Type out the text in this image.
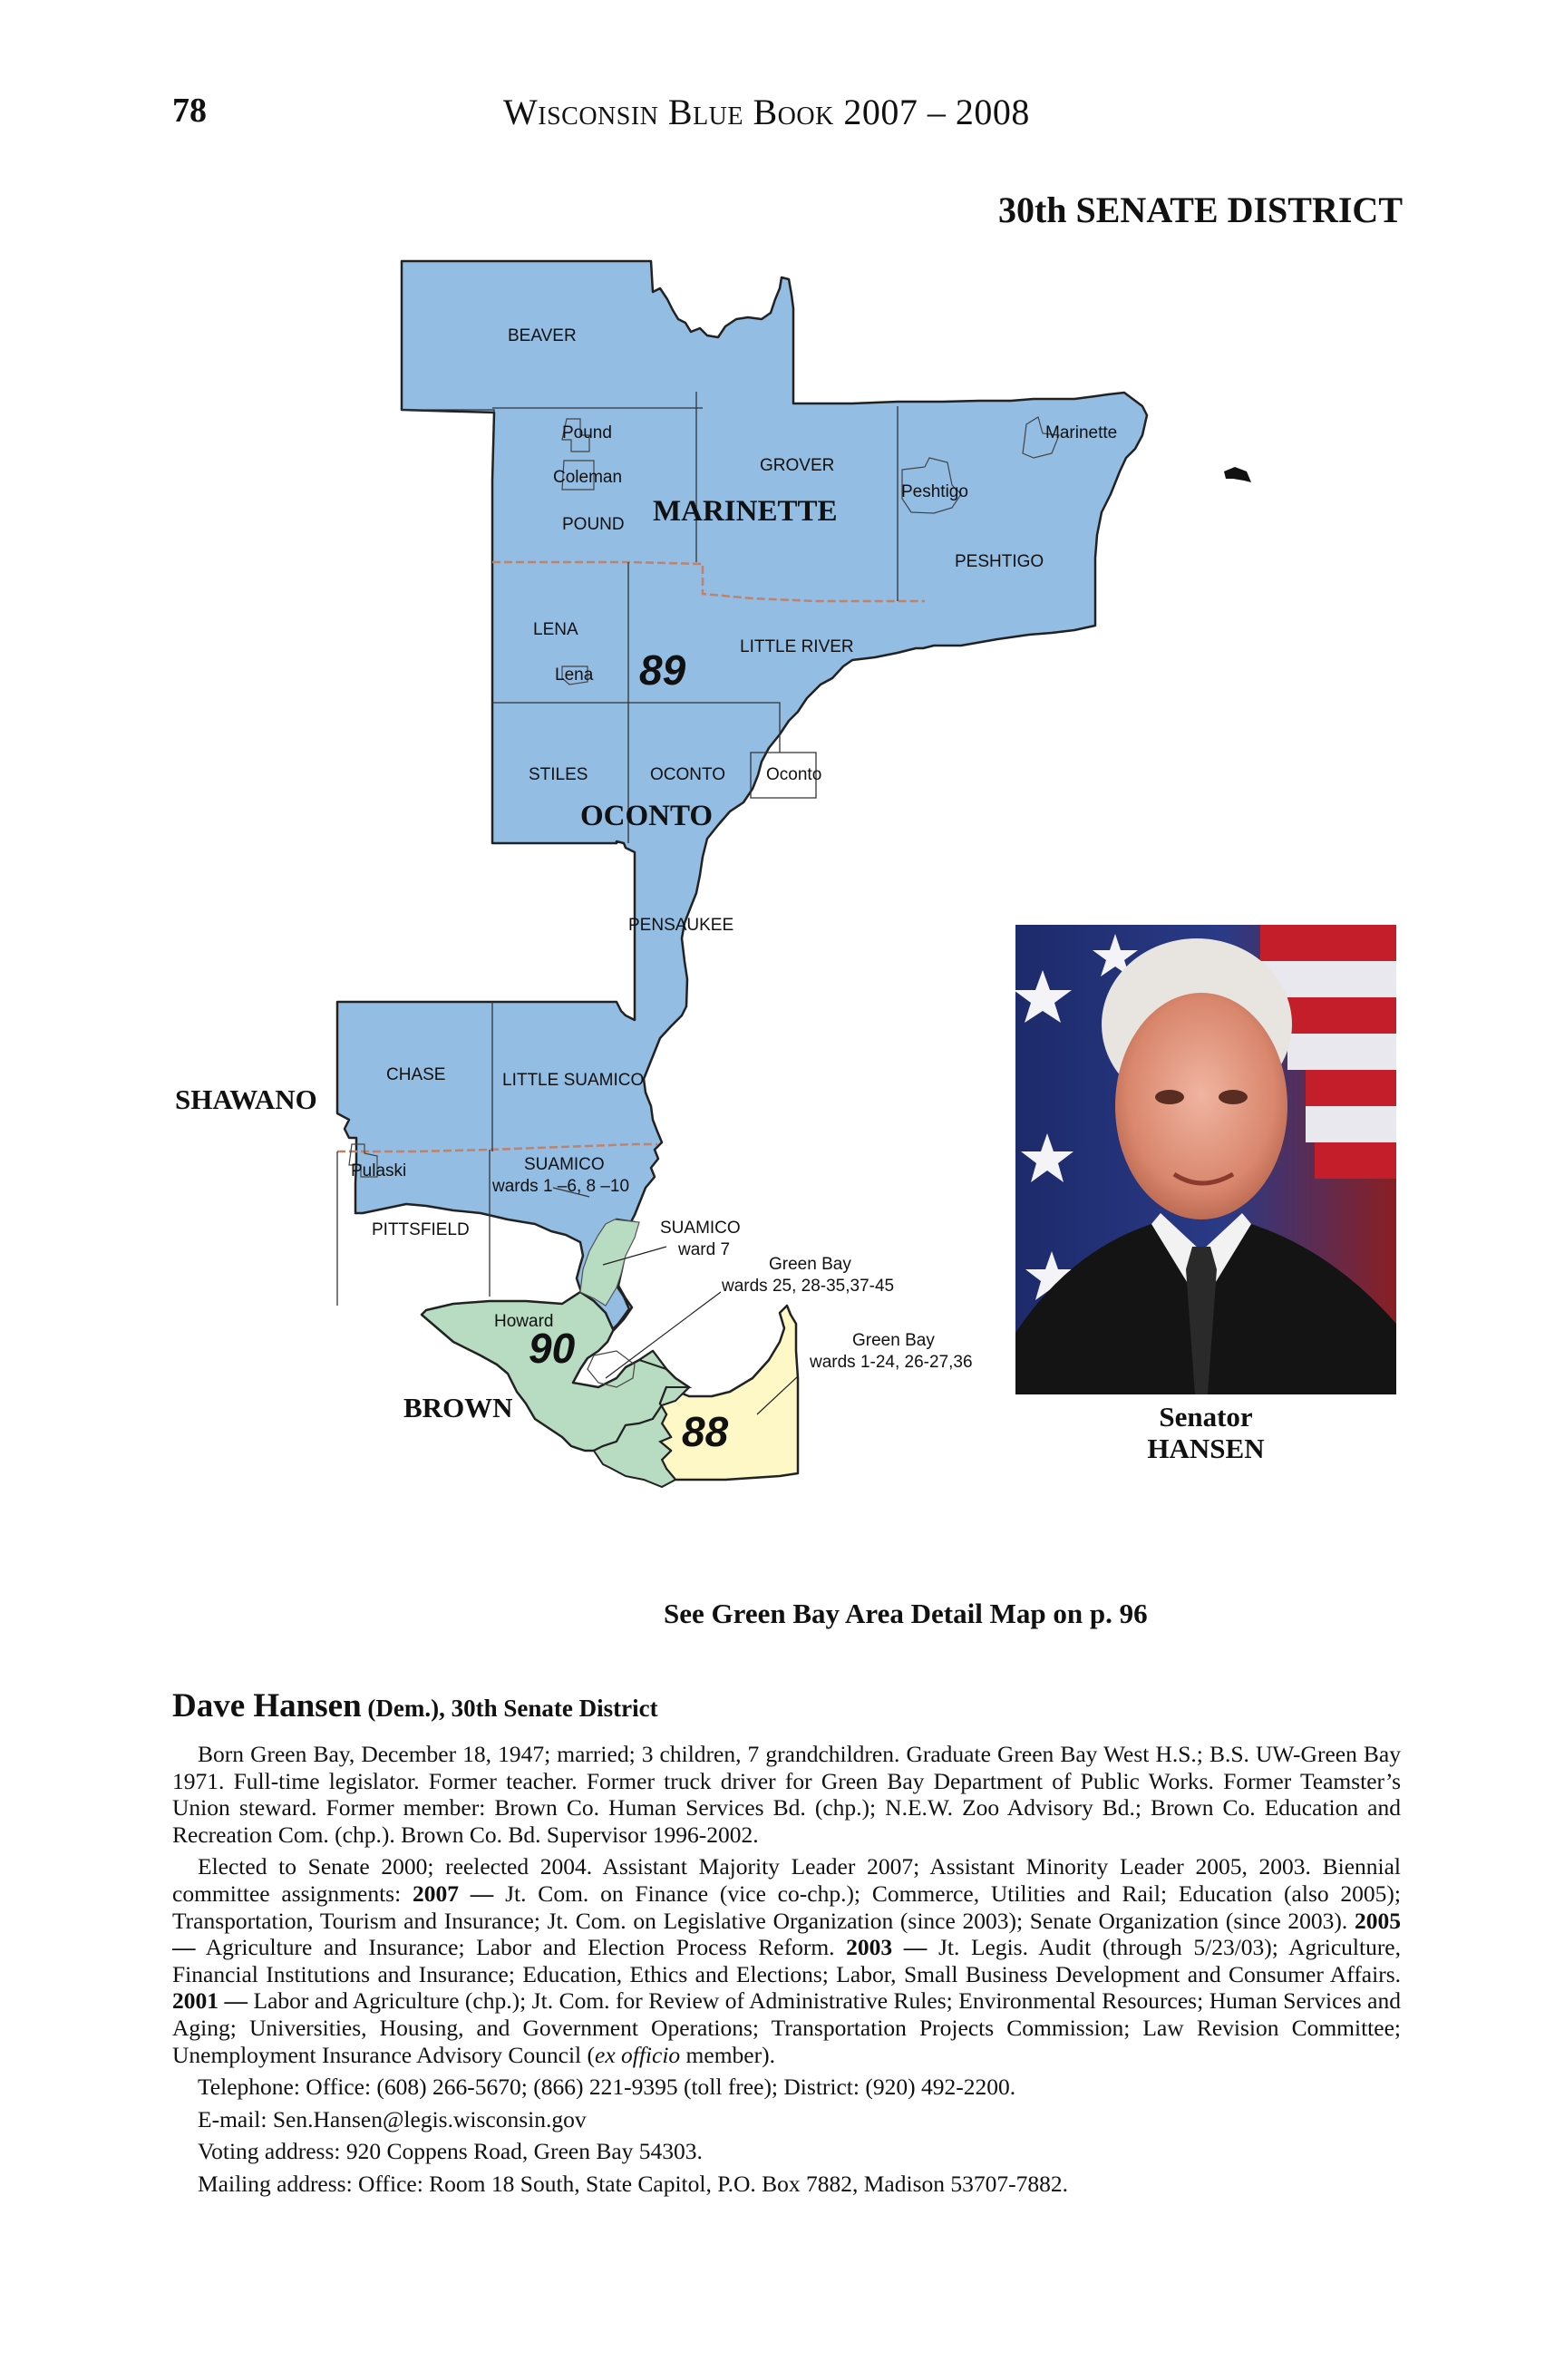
78	Wisconsin Blue Book 2007 – 2008
30th SENATE DISTRICT
MARINETTE
OCONTO
SHAWANO
BROWN
BEAVER
Pound
Coleman
POUND
GROVER
Peshtigo
Marinette
PESHTIGO
LENA
Lena
LITTLE RIVER
STILES	OCONTO Oconto
PENSAUKEE
CHASE	LITTLE SUAMICO
Pulaski	SUAMICO
wards 1 –6, 8 –10
PITTSFIELD	SUAMICO
ward 7
Green Bay
wards 25, 28-35,37-45
Green Bay
wards 1-24, 26-27,36
Howard
89
90
88	Senator
HANSEN
See Green Bay Area Detail Map on p. 96
Dave Hansen (Dem.), 30th Senate District

Born Green Bay, December 18, 1947; married; 3 children, 7 grandchildren. Graduate Green Bay West H.S.; B.S. UW-Green Bay 1971. Full-time legislator. Former teacher. Former truck driver for Green Bay Department of Public Works. Former Teamster’s Union steward. Former member: Brown Co. Human Services Bd. (chp.); N.E.W. Zoo Advisory Bd.; Brown Co. Education and Recreation Com. (chp.). Brown Co. Bd. Supervisor 1996-2002.

Elected to Senate 2000; reelected 2004. Assistant Majority Leader 2007; Assistant Minority Leader 2005, 2003. Biennial committee assignments: 2007 — Jt. Com. on Finance (vice co-chp.); Commerce, Utilities and Rail; Education (also 2005); Transportation, Tourism and Insurance; Jt. Com. on Legislative Organization (since 2003); Senate Organization (since 2003). 2005 — Agriculture and Insurance; Labor and Election Process Reform. 2003 — Jt. Legis. Audit (through 5/23/03); Agriculture, Financial Institutions and Insurance; Education, Ethics and Elections; Labor, Small Business Development and Consumer Affairs. 2001 — Labor and Agriculture (chp.); Jt. Com. for Review of Administrative Rules; Environmental Resources; Human Services and Aging; Universities, Housing, and Government Operations; Transportation Projects Commission; Law Revision Committee; Unemployment Insurance Advisory Council (ex officio member).

Telephone: Office: (608) 266-5670; (866) 221-9395 (toll free); District: (920) 492-2200.

E-mail: Sen.Hansen@legis.wisconsin.gov

Voting address: 920 Coppens Road, Green Bay 54303.

Mailing address: Office: Room 18 South, State Capitol, P.O. Box 7882, Madison 53707-7882.
